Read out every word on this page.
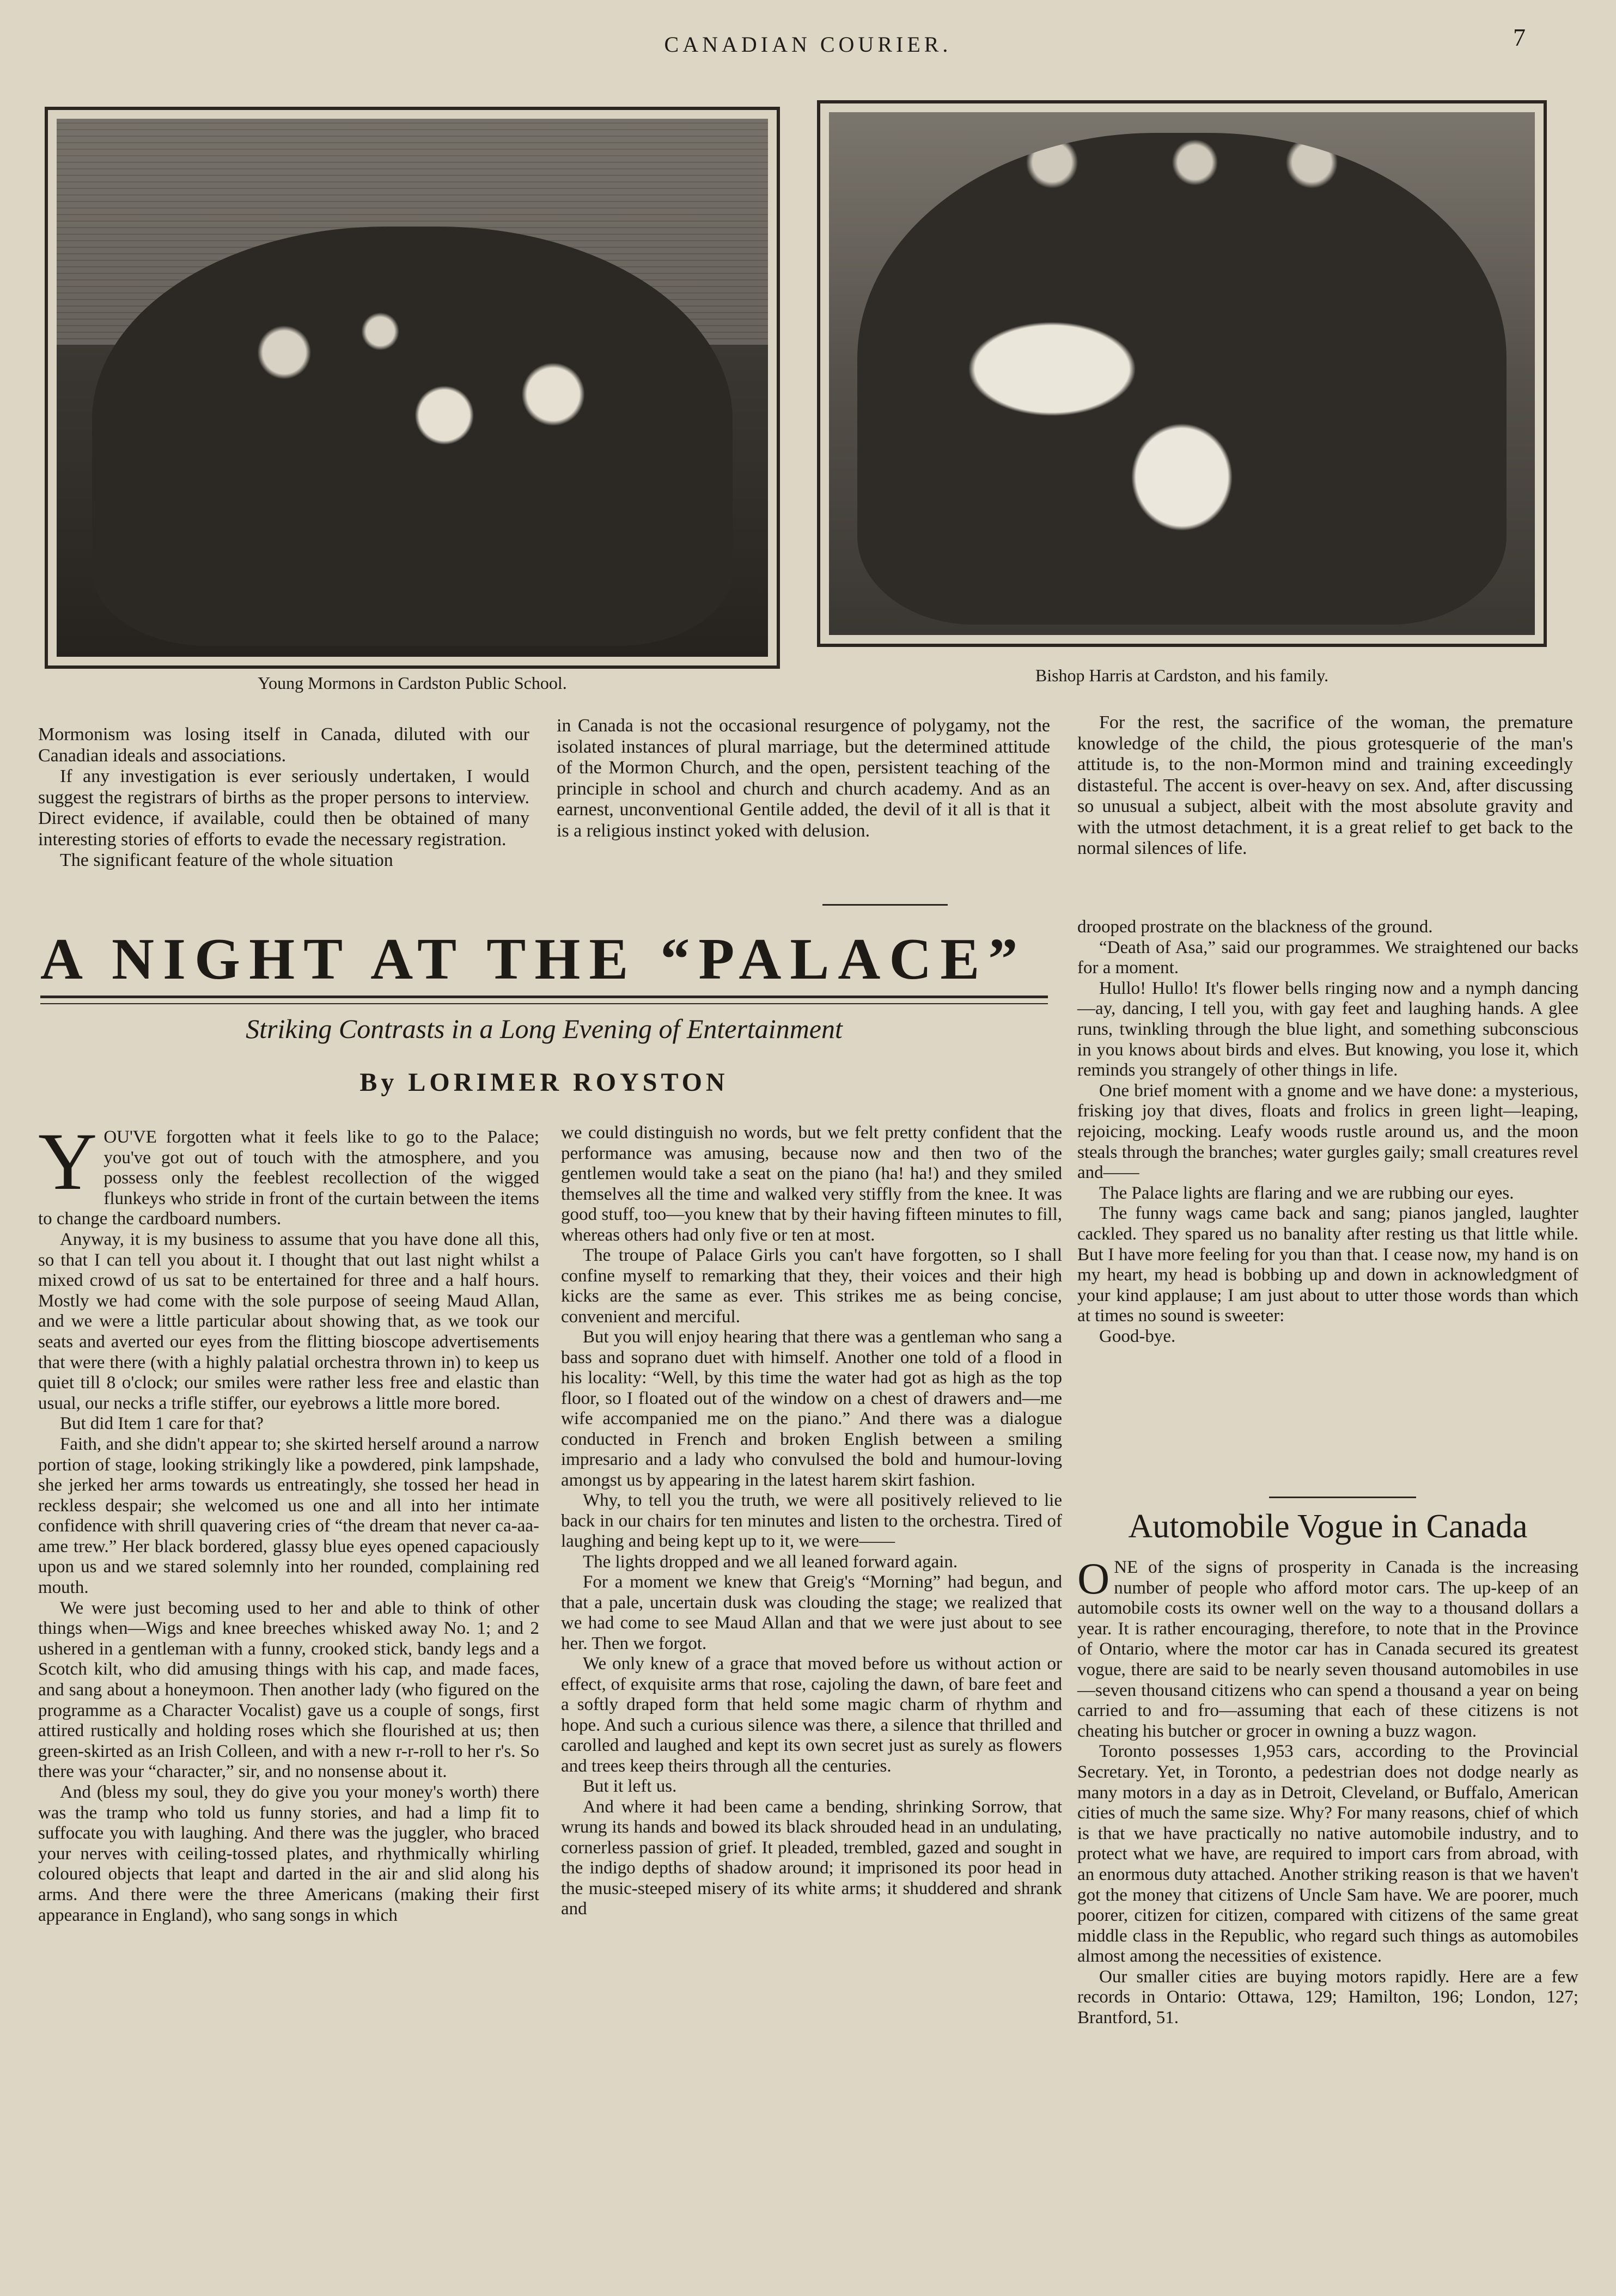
CANADIAN COURIER.	7
Young Mormons in Cardston Public School.	Bishop Harris at Cardston, and his family.

Mormonism was losing itself in Canada, diluted with our Canadian ideals and associations.

If any investigation is ever seriously undertaken, I would suggest the registrars of births as the proper persons to interview. Direct evidence, if available, could then be obtained of many interesting stories of efforts to evade the necessary registration.

The significant feature of the whole situation

in Canada is not the occasional resurgence of polygamy, not the isolated instances of plural marriage, but the determined attitude of the Mormon Church, and the open, persistent teaching of the principle in school and church and church academy. And as an earnest, unconventional Gentile added, the devil of it all is that it is a religious instinct yoked with delusion.

For the rest, the sacrifice of the woman, the premature knowledge of the child, the pious grotesquerie of the man's attitude is, to the non-Mormon mind and training exceedingly distasteful. The accent is over-heavy on sex. And, after discussing so unusual a subject, albeit with the most absolute gravity and with the utmost detachment, it is a great relief to get back to the normal silences of life.

A NIGHT AT THE “PALACE”
Striking Contrasts in a Long Evening of Entertainment
By LORIMER ROYSTON

YOU'VE forgotten what it feels like to go to the Palace; you've got out of touch with the atmosphere, and you possess only the feeblest recollection of the wigged flunkeys who stride in front of the curtain between the items to change the cardboard numbers.

Anyway, it is my business to assume that you have done all this, so that I can tell you about it. I thought that out last night whilst a mixed crowd of us sat to be entertained for three and a half hours. Mostly we had come with the sole purpose of seeing Maud Allan, and we were a little particular about showing that, as we took our seats and averted our eyes from the flitting bioscope advertisements that were there (with a highly palatial orchestra thrown in) to keep us quiet till 8 o'clock; our smiles were rather less free and elastic than usual, our necks a trifle stiffer, our eyebrows a little more bored.

But did Item 1 care for that?

Faith, and she didn't appear to; she skirted herself around a narrow portion of stage, looking strikingly like a powdered, pink lampshade, she jerked her arms towards us entreatingly, she tossed her head in reckless despair; she welcomed us one and all into her intimate confidence with shrill quavering cries of “the dream that never ca-aa-ame trew.” Her black bordered, glassy blue eyes opened capaciously upon us and we stared solemnly into her rounded, complaining red mouth.

We were just becoming used to her and able to think of other things when—Wigs and knee breeches whisked away No. 1; and 2 ushered in a gentleman with a funny, crooked stick, bandy legs and a Scotch kilt, who did amusing things with his cap, and made faces, and sang about a honeymoon. Then another lady (who figured on the programme as a Character Vocalist) gave us a couple of songs, first attired rustically and holding roses which she flourished at us; then green-skirted as an Irish Colleen, and with a new r-r-roll to her r's. So there was your “character,” sir, and no nonsense about it.

And (bless my soul, they do give you your money's worth) there was the tramp who told us funny stories, and had a limp fit to suffocate you with laughing. And there was the juggler, who braced your nerves with ceiling-tossed plates, and rhythmically whirling coloured objects that leapt and darted in the air and slid along his arms. And there were the three Americans (making their first appearance in England), who sang songs in which

we could distinguish no words, but we felt pretty confident that the performance was amusing, because now and then two of the gentlemen would take a seat on the piano (ha! ha!) and they smiled themselves all the time and walked very stiffly from the knee. It was good stuff, too—you knew that by their having fifteen minutes to fill, whereas others had only five or ten at most.

The troupe of Palace Girls you can't have forgotten, so I shall confine myself to remarking that they, their voices and their high kicks are the same as ever. This strikes me as being concise, convenient and merciful.

But you will enjoy hearing that there was a gentleman who sang a bass and soprano duet with himself. Another one told of a flood in his locality: “Well, by this time the water had got as high as the top floor, so I floated out of the window on a chest of drawers and—me wife accompanied me on the piano.” And there was a dialogue conducted in French and broken English between a smiling impresario and a lady who convulsed the bold and humour-loving amongst us by appearing in the latest harem skirt fashion.

Why, to tell you the truth, we were all positively relieved to lie back in our chairs for ten minutes and listen to the orchestra. Tired of laughing and being kept up to it, we were——

The lights dropped and we all leaned forward again.

For a moment we knew that Greig's “Morning” had begun, and that a pale, uncertain dusk was clouding the stage; we realized that we had come to see Maud Allan and that we were just about to see her. Then we forgot.

We only knew of a grace that moved before us without action or effect, of exquisite arms that rose, cajoling the dawn, of bare feet and a softly draped form that held some magic charm of rhythm and hope. And such a curious silence was there, a silence that thrilled and carolled and laughed and kept its own secret just as surely as flowers and trees keep theirs through all the centuries.

But it left us.

And where it had been came a bending, shrinking Sorrow, that wrung its hands and bowed its black shrouded head in an undulating, cornerless passion of grief. It pleaded, trembled, gazed and sought in the indigo depths of shadow around; it imprisoned its poor head in the music-steeped misery of its white arms; it shuddered and shrank and

drooped prostrate on the blackness of the ground.

“Death of Asa,” said our programmes. We straightened our backs for a moment.

Hullo! Hullo! It's flower bells ringing now and a nymph dancing—ay, dancing, I tell you, with gay feet and laughing hands. A glee runs, twinkling through the blue light, and something subconscious in you knows about birds and elves. But knowing, you lose it, which reminds you strangely of other things in life.

One brief moment with a gnome and we have done: a mysterious, frisking joy that dives, floats and frolics in green light—leaping, rejoicing, mocking. Leafy woods rustle around us, and the moon steals through the branches; water gurgles gaily; small creatures revel and——

The Palace lights are flaring and we are rubbing our eyes.

The funny wags came back and sang; pianos jangled, laughter cackled. They spared us no banality after resting us that little while. But I have more feeling for you than that. I cease now, my hand is on my heart, my head is bobbing up and down in acknowledgment of your kind applause; I am just about to utter those words than which at times no sound is sweeter:

Good-bye.

Automobile Vogue in Canada

ONE of the signs of prosperity in Canada is the increasing number of people who afford motor cars. The up-keep of an automobile costs its owner well on the way to a thousand dollars a year. It is rather encouraging, therefore, to note that in the Province of Ontario, where the motor car has in Canada secured its greatest vogue, there are said to be nearly seven thousand automobiles in use—seven thousand citizens who can spend a thousand a year on being carried to and fro—assuming that each of these citizens is not cheating his butcher or grocer in owning a buzz wagon.

Toronto possesses 1,953 cars, according to the Provincial Secretary. Yet, in Toronto, a pedestrian does not dodge nearly as many motors in a day as in Detroit, Cleveland, or Buffalo, American cities of much the same size. Why? For many reasons, chief of which is that we have practically no native automobile industry, and to protect what we have, are required to import cars from abroad, with an enormous duty attached. Another striking reason is that we haven't got the money that citizens of Uncle Sam have. We are poorer, much poorer, citizen for citizen, compared with citizens of the same great middle class in the Republic, who regard such things as automobiles almost among the necessities of existence.

Our smaller cities are buying motors rapidly. Here are a few records in Ontario: Ottawa, 129; Hamilton, 196; London, 127; Brantford, 51.
